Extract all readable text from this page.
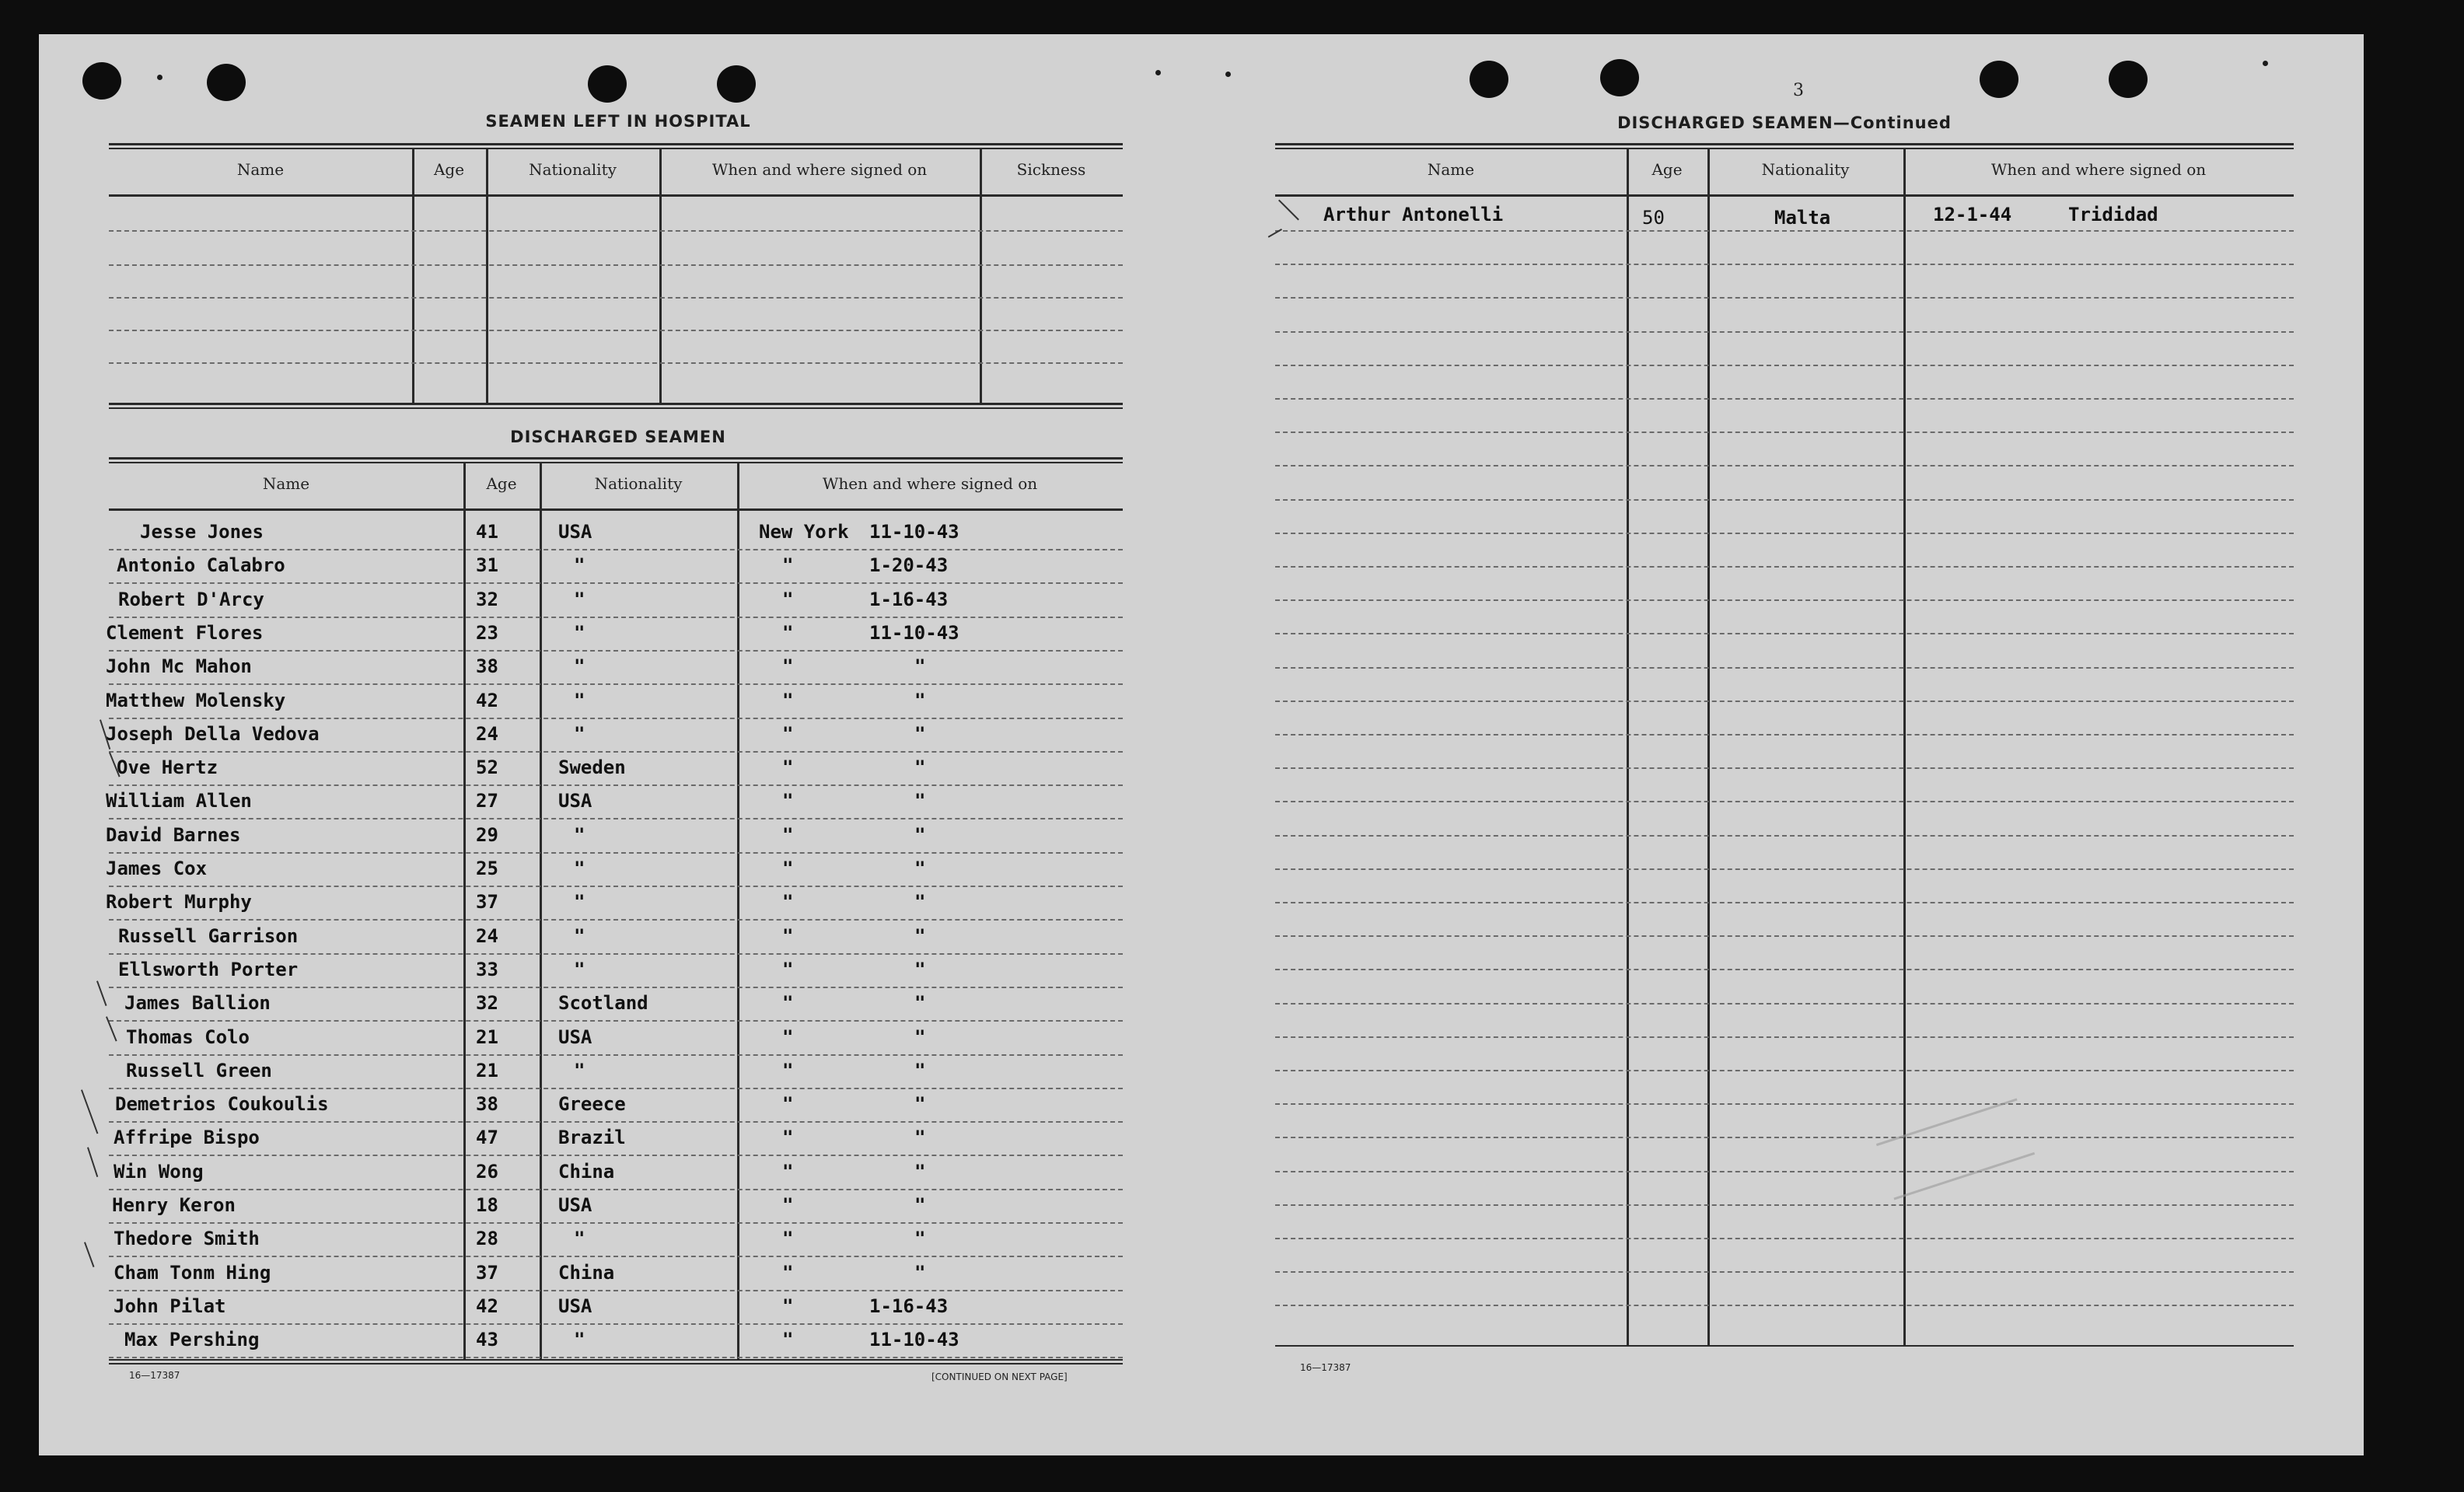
3
SEAMEN LEFT IN HOSPITAL
Name	Age	Nationality	When and where signed on	Sickness
DISCHARGED SEAMEN
Name	Age	Nationality	When and where signed on
Jesse Jones	41	USA	New York 11-10-43
Antonio Calabro	31	"	"	1-20-43
Robert D'Arcy	32	"	"	1-16-43
Clement Flores	23	"	"	11-10-43
John Mc Mahon	38	"	"	"
Matthew Molensky	42	"	"	"
Joseph Della Vedova	24	"	"	"
Ove Hertz	52	Sweden	"	"
William Allen	27	USA	"	"
David Barnes	29	"	"	"
James Cox	25	"	"	"
Robert Murphy	37	"	"	"
Russell Garrison	24	"	"	"
Ellsworth Porter	33	"	"	"
James Ballion	32	Scotland	"	"
Thomas Colo	21	USA	"	"
Russell Green	21	"	"	"
Demetrios Coukoulis	38	Greece	"	"
Affripe Bispo	47	Brazil	"	"
Win Wong	26	China	"	"
Henry Keron	18	USA	"	"
Thedore Smith	28	"	"	"
Cham Tonm Hing	37	China	"	"
John Pilat	42	USA	"	1-16-43
Max Pershing	43	"	"	11-10-43
16—17387	[CONTINUED ON NEXT PAGE]
DISCHARGED SEAMEN—Continued
Name	Age	Nationality	When and where signed on
Arthur Antonelli	50	Malta	12-1-44	Trididad
16—17387
